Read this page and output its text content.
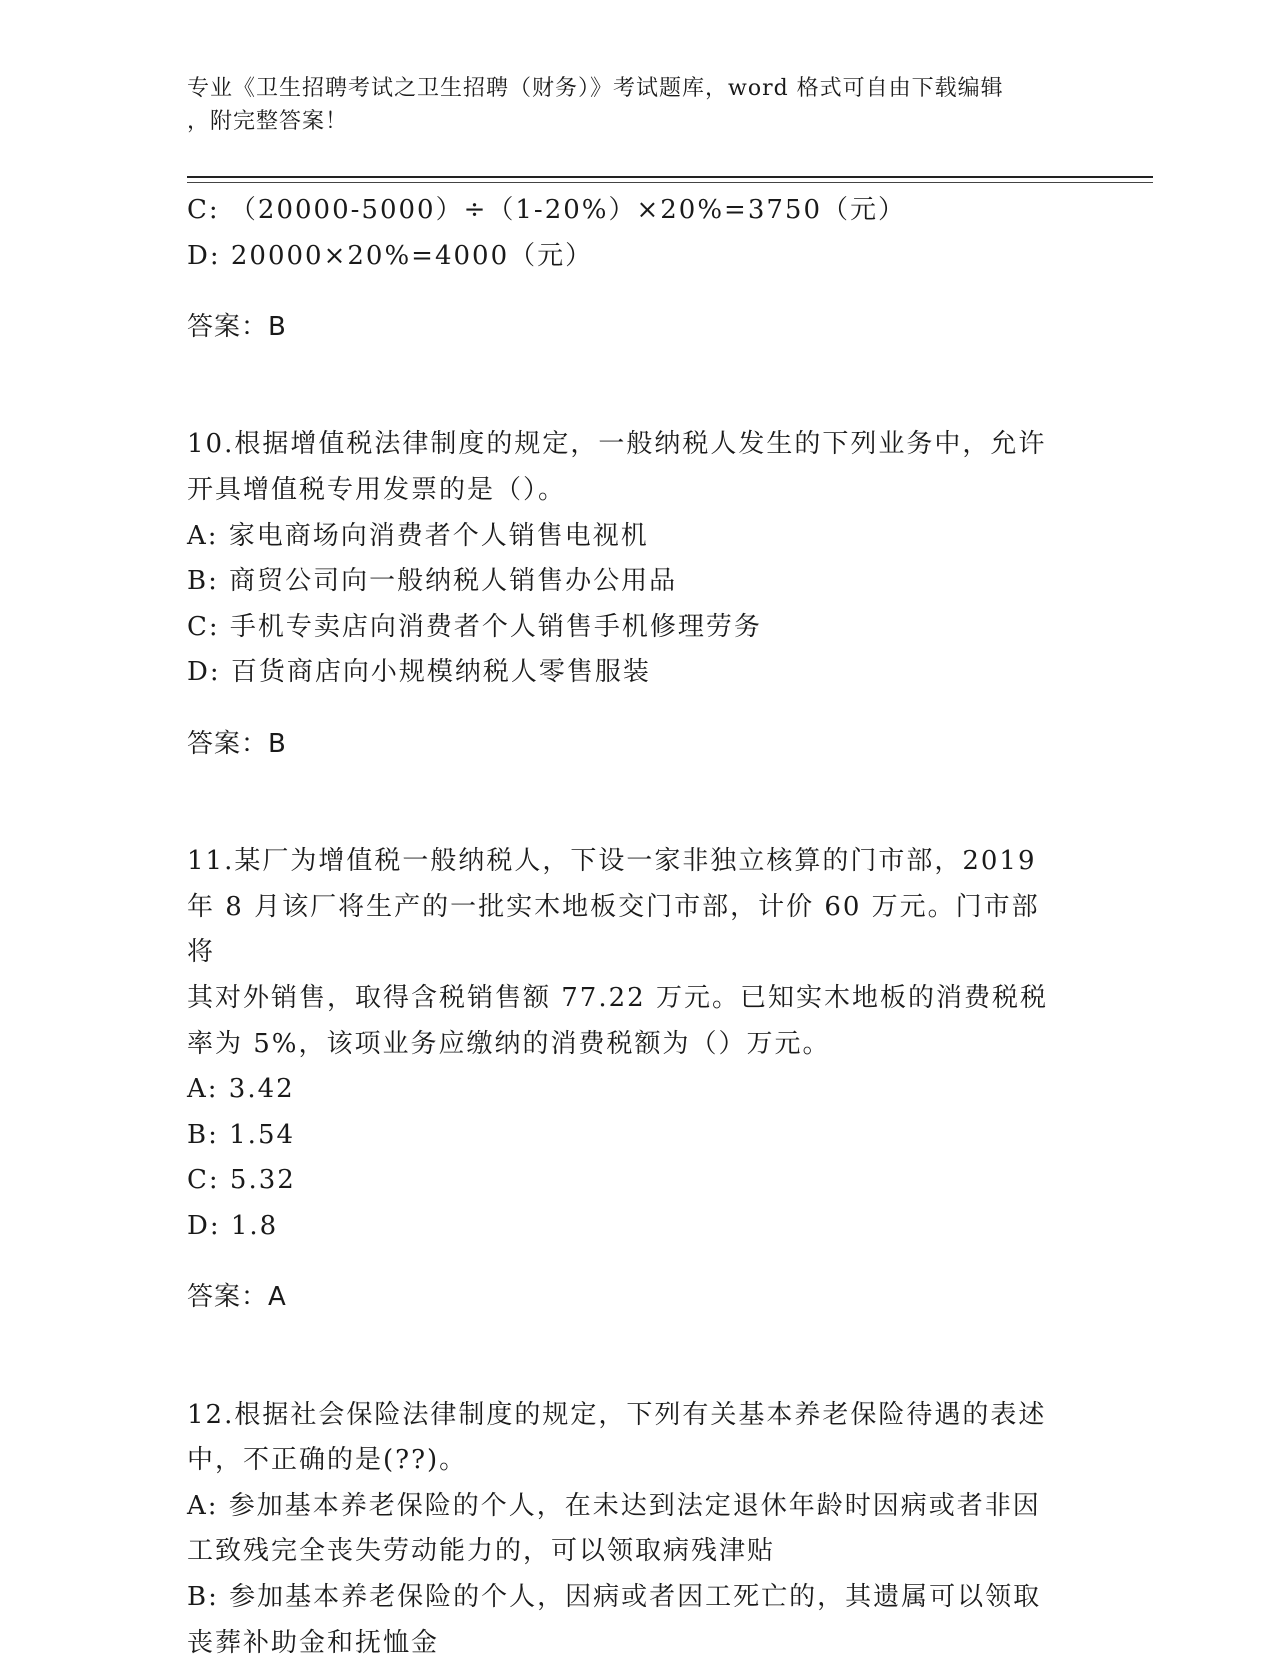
专业《卫生招聘考试之卫生招聘（财务）》考试题库，word 格式可自由下载编辑
，附完整答案！

C: （20000-5000）÷（1-20%）×20%=3750（元）

D: 20000×20%=4000（元）

答案：B

10.根据增值税法律制度的规定，一般纳税人发生的下列业务中，允许

开具增值税专用发票的是（）。

A: 家电商场向消费者个人销售电视机

B: 商贸公司向一般纳税人销售办公用品

C: 手机专卖店向消费者个人销售手机修理劳务

D: 百货商店向小规模纳税人零售服装

答案：B

11.某厂为增值税一般纳税人，下设一家非独立核算的门市部，2019

年 8 月该厂将生产的一批实木地板交门市部，计价 60 万元。门市部将

其对外销售，取得含税销售额 77.22 万元。已知实木地板的消费税税

率为 5%，该项业务应缴纳的消费税额为（）万元。

A: 3.42

B: 1.54

C: 5.32

D: 1.8

答案：A

12.根据社会保险法律制度的规定，下列有关基本养老保险待遇的表述

中，不正确的是(??)。

A: 参加基本养老保险的个人，在未达到法定退休年龄时因病或者非因

工致残完全丧失劳动能力的，可以领取病残津贴

B: 参加基本养老保险的个人，因病或者因工死亡的，其遗属可以领取

丧葬补助金和抚恤金
